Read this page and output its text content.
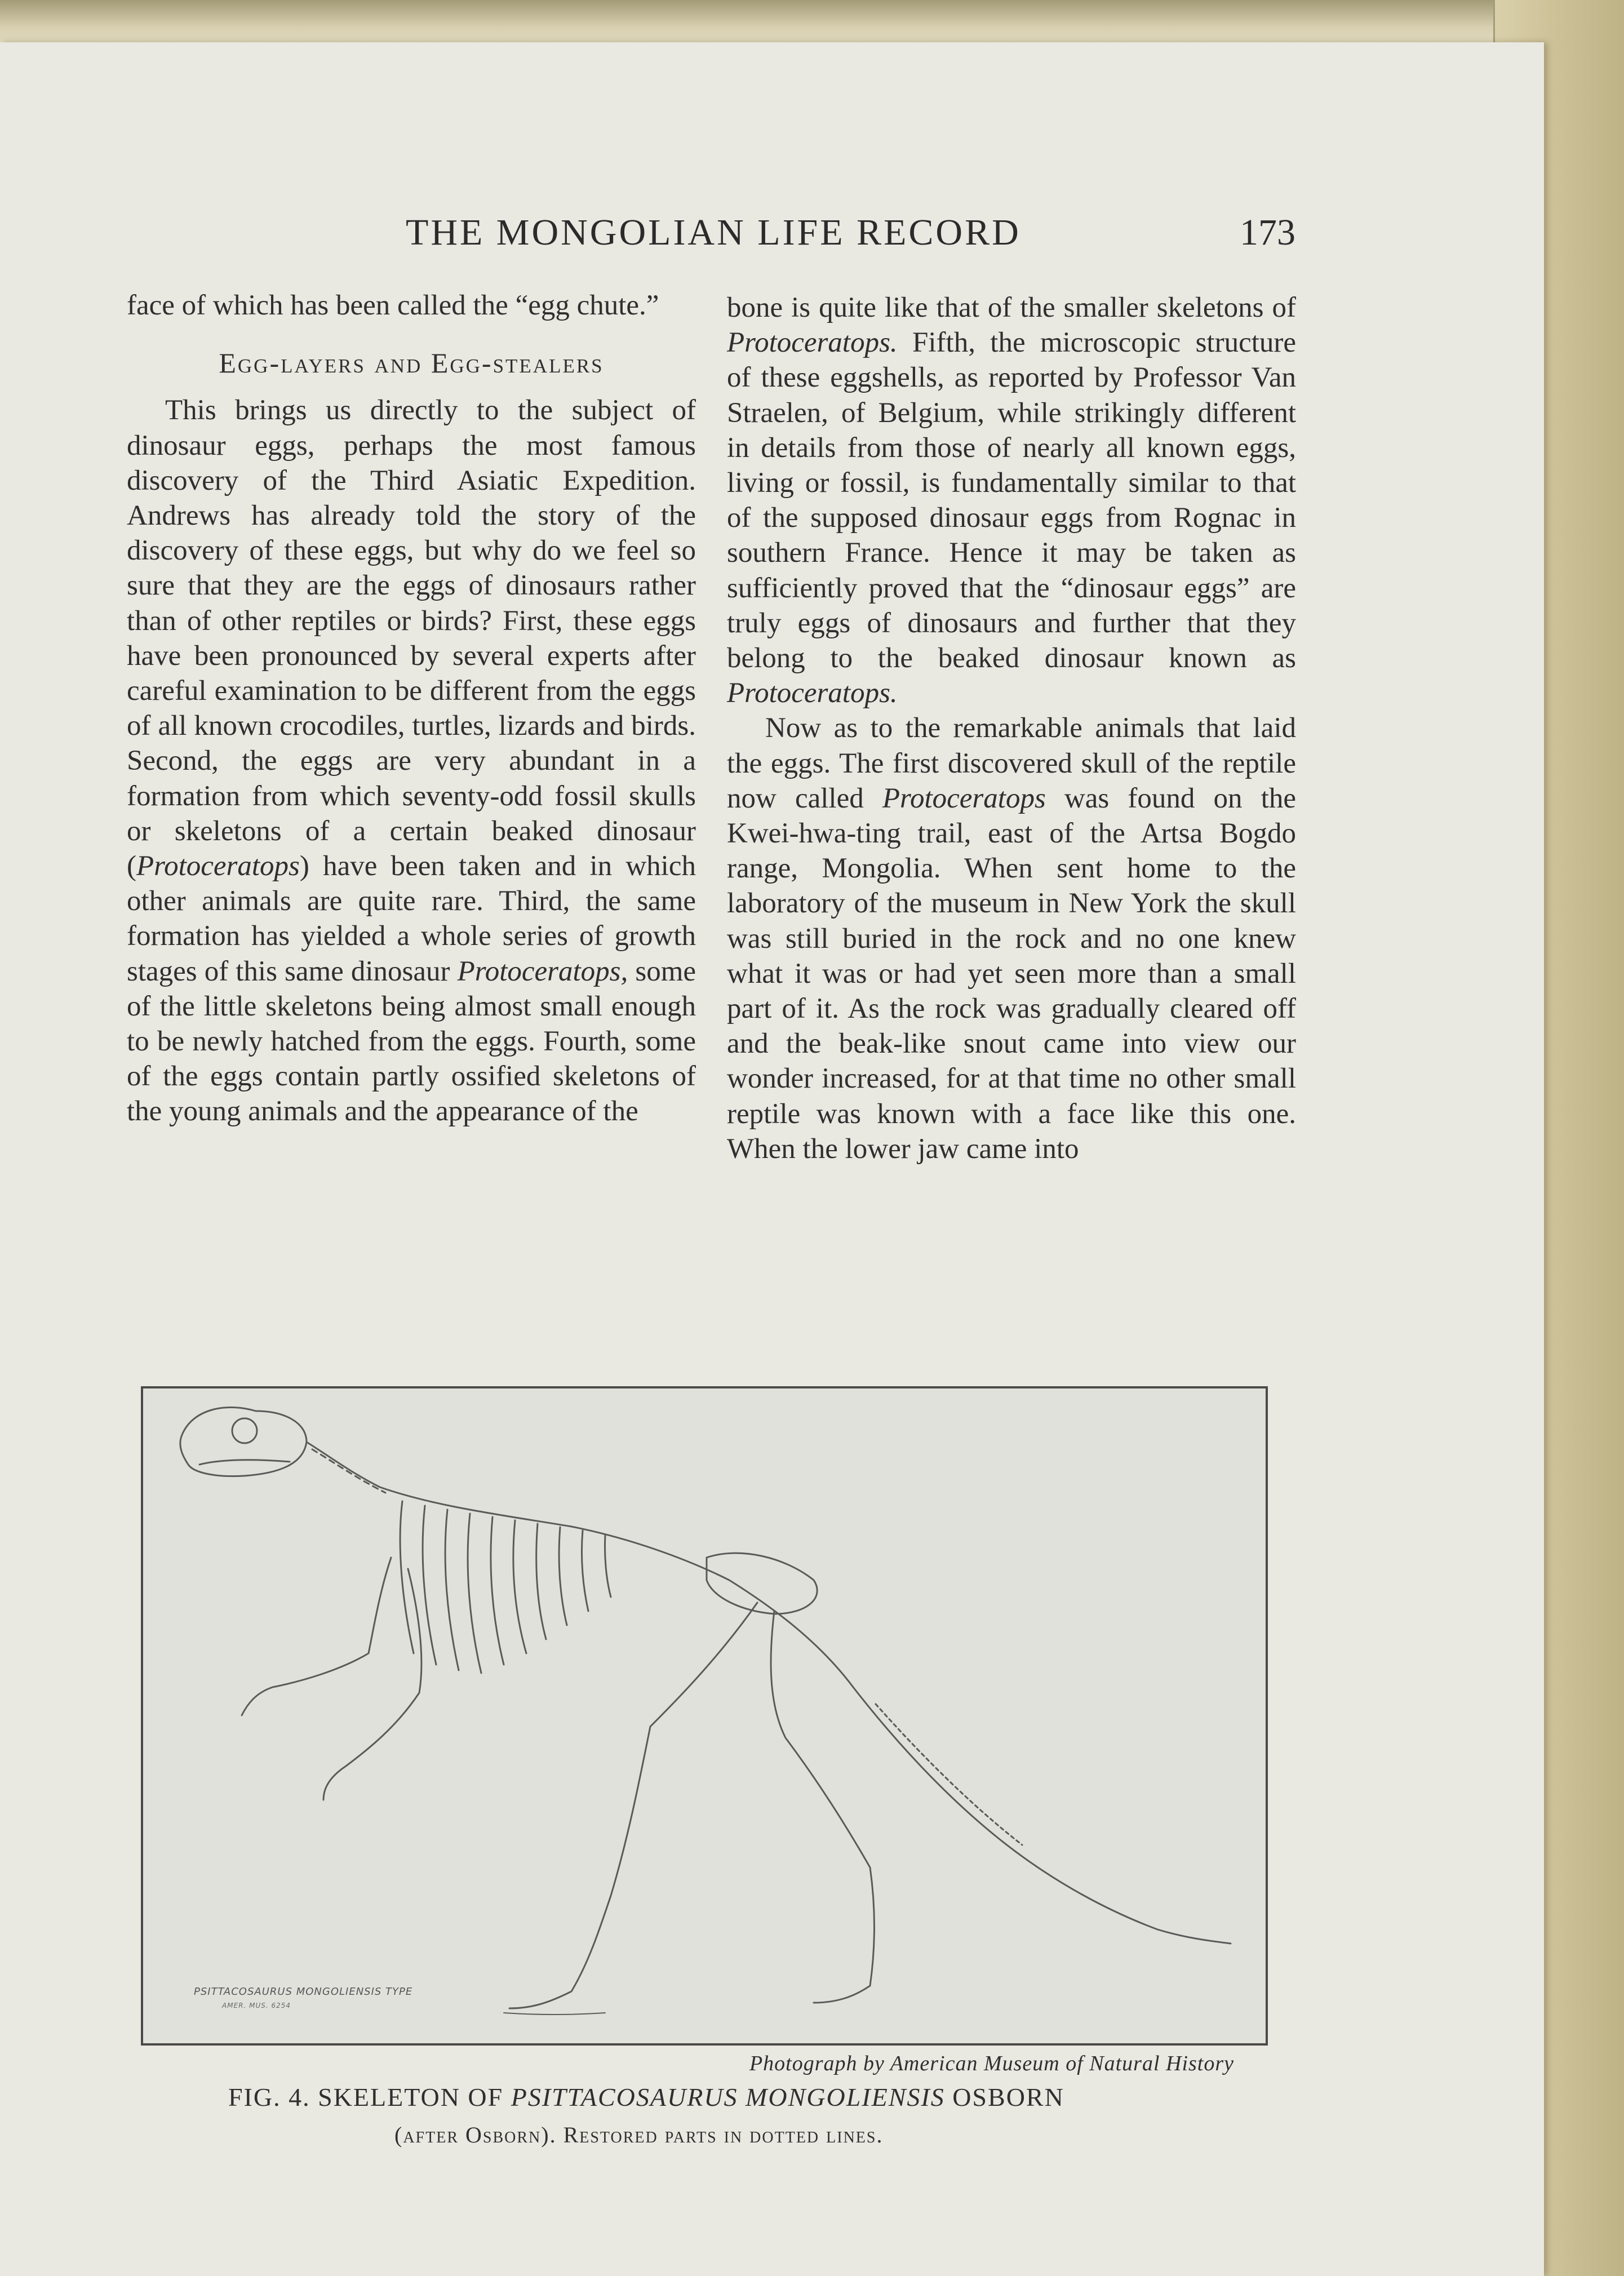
THE MONGOLIAN LIFE RECORD	173

face of which has been called the “egg chute.”

Egg-layers and Egg-stealers

This brings us directly to the subject of dinosaur eggs, perhaps the most famous discovery of the Third Asiatic Expedition. Andrews has already told the story of the discovery of these eggs, but why do we feel so sure that they are the eggs of dinosaurs rather than of other reptiles or birds? First, these eggs have been pronounced by several experts after careful examination to be different from the eggs of all known crocodiles, turtles, lizards and birds. Second, the eggs are very abundant in a formation from which seventy-odd fossil skulls or skeletons of a certain beaked dinosaur (Protoceratops) have been taken and in which other animals are quite rare. Third, the same formation has yielded a whole series of growth stages of this same dinosaur Protoceratops, some of the little skeletons being almost small enough to be newly hatched from the eggs. Fourth, some of the eggs contain partly ossified skeletons of the young animals and the appearance of the

bone is quite like that of the smaller skeletons of Protoceratops. Fifth, the microscopic structure of these eggshells, as reported by Professor Van Straelen, of Belgium, while strikingly different in details from those of nearly all known eggs, living or fossil, is fundamentally similar to that of the supposed dinosaur eggs from Rognac in southern France. Hence it may be taken as sufficiently proved that the “dinosaur eggs” are truly eggs of dinosaurs and further that they belong to the beaked dinosaur known as Protoceratops.

Now as to the remarkable animals that laid the eggs. The first discovered skull of the reptile now called Protoceratops was found on the Kwei-hwa-ting trail, east of the Artsa Bogdo range, Mongolia. When sent home to the laboratory of the museum in New York the skull was still buried in the rock and no one knew what it was or had yet seen more than a small part of it. As the rock was gradually cleared off and the beak-like snout came into view our wonder increased, for at that time no other small reptile was known with a face like this one. When the lower jaw came into

PSITTACOSAURUS MONGOLIENSIS TYPE
AMER. MUS. 6254
Photograph by American Museum of Natural History
FIG. 4. SKELETON OF PSITTACOSAURUS MONGOLIENSIS OSBORN
(after Osborn). Restored parts in dotted lines.
